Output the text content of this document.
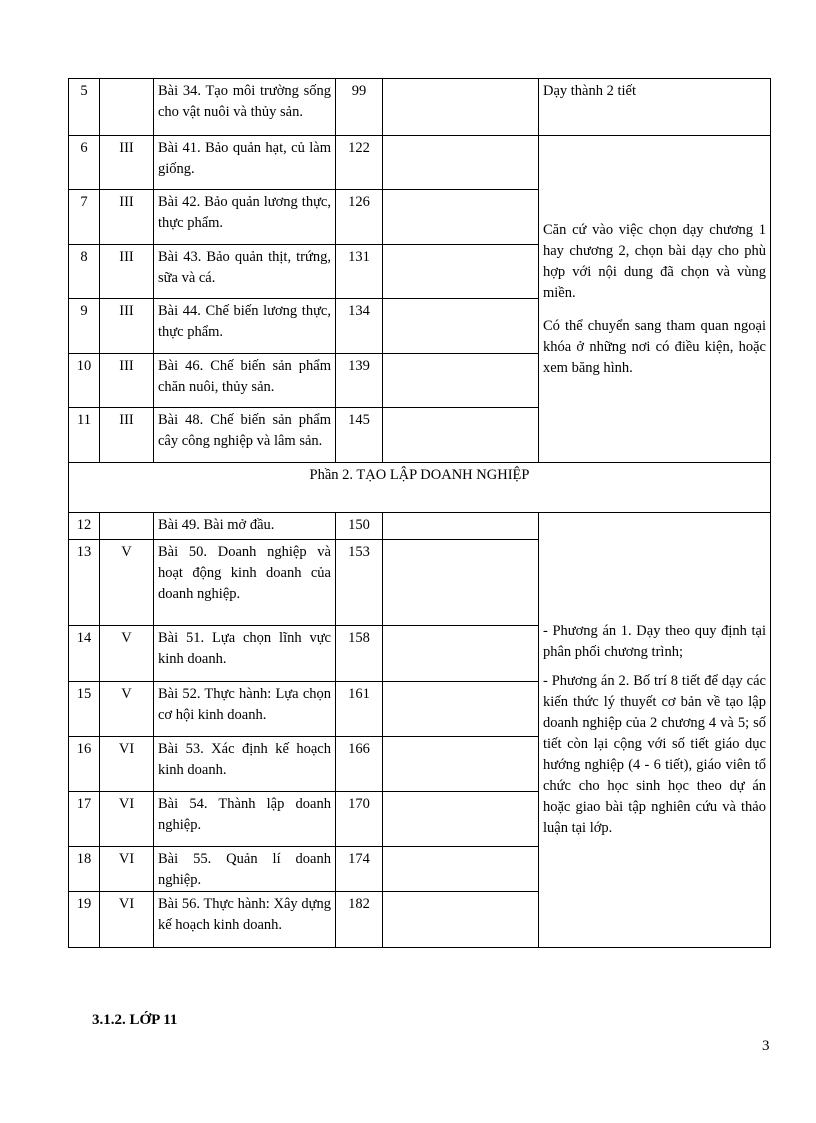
5		Bài 34. Tạo môi trường sống cho vật nuôi và thủy sản.	99		Dạy thành 2 tiết
6	III	Bài 41. Bảo quản hạt, củ làm giống.	122		Căn cứ vào việc chọn dạy chương 1 hay chương 2, chọn bài dạy cho phù hợp với nội dung đã chọn và vùng miền.
Có thể chuyển sang tham quan ngoại khóa ở những nơi có điều kiện, hoặc xem băng hình.

7	III	Bài 42. Bảo quản lương thực, thực phẩm.	126		
8	III	Bài 43. Bảo quản thịt, trứng, sữa và cá.	131		
9	III	Bài 44. Chế biến lương thực, thực phẩm.	134		
10	III	Bài 46. Chế biến sản phẩm chăn nuôi, thủy sản.	139		
11	III	Bài 48. Chế biến sản phẩm cây công nghiệp và lâm sản.	145		
Phần 2. TẠO LẬP DOANH NGHIỆP					
12		Bài 49. Bài mở đầu.	150		- Phương án 1. Dạy theo quy định tại phân phối chương trình;
- Phương án 2. Bố trí 8 tiết để dạy các kiến thức lý thuyết cơ bản về tạo lập doanh nghiệp của 2 chương 4 và 5; số tiết còn lại cộng với số tiết giáo dục hướng nghiệp (4 - 6 tiết), giáo viên tổ chức cho học sinh học theo dự án hoặc giao bài tập nghiên cứu và thảo luận tại lớp.

13	V	Bài 50. Doanh nghiệp và hoạt động kinh doanh của doanh nghiệp.	153		
14	V	Bài 51. Lựa chọn lĩnh vực kinh doanh.	158		
15	V	Bài 52. Thực hành: Lựa chọn cơ hội kinh doanh.	161		
16	VI	Bài 53. Xác định kế hoạch kinh doanh.	166		
17	VI	Bài 54. Thành lập doanh nghiệp.	170		
18	VI	Bài 55. Quản lí doanh nghiệp.	174		
19	VI	Bài 56. Thực hành: Xây dựng kế hoạch kinh doanh.	182		
3.1.2. LỚP 11
3
